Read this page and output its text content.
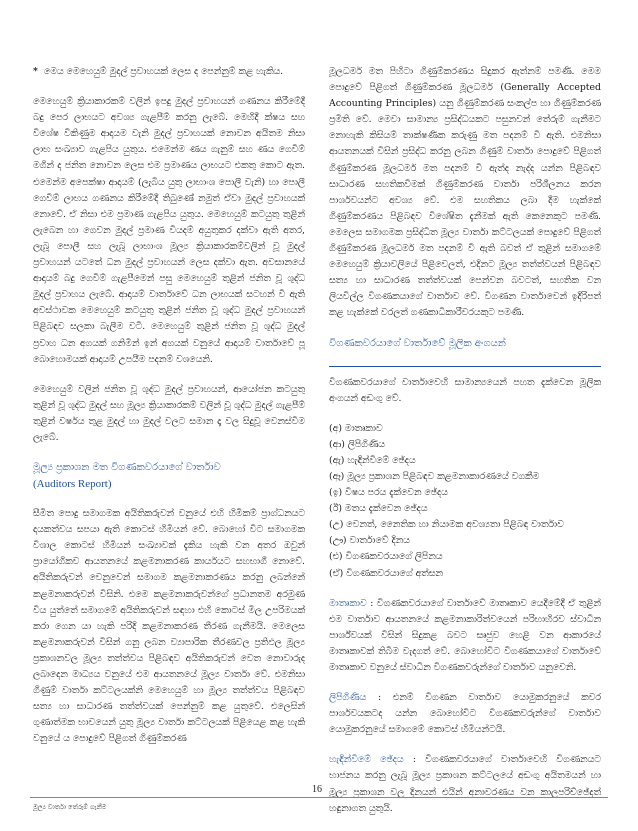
* මෙය මෙහෙයුම් මුදල් ප්‍රවාහයක් ලෙස ද පෙන්නුම් කළ හැකිය.

මෙහෙයුම් ක්‍රියාකාරකම් වලින් ඉපදු මුදල් ප්‍රවාහයන් ගණනය කිරීමේදී බදු පෙර ලාභයට අවශ්‍ය ගැළපීම් කරනු ලැබේ. මෙහිදී ක්ෂය සහ විශේෂ විකිණුම ආදායම වැනි මුදල් ප්‍රවාහයක් නොවන අයිතම නිසා ලාභ සංඛ්‍යාව ගැළපිය යුතුය. එමෙන්ම ණය ගැනුම් සහ ණය ගෙවීම් මගින් ද ජනිත නොවන ලෙස එම ප්‍රමාණය ලාභයට එකතු කොට ඇත. එමෙන්ම අපෙක්ෂා ආදායම් (ලැබිය යුතු ලාභාංශ පොලී වැනි) හා පොලී ගෙවීම් ලාභය ගණනය කිරීමේදී තිබුණේ නමුත් ඒවා මුදල් ප්‍රවාහයක් නොවේ. ඒ නිසා එම ප්‍රමාණ ගැළපිය යුතුය. මෙහෙයුම් කටයුතු තුළින් ලැබෙන හා ගෙවන මුදල් ප්‍රමාණ වියදම් අයුතුකර දක්වා ඇති අතර, ලැබූ පොලී සහ ලැබූ ලාභාංශ මූල්‍ය ක්‍රියාකාරකම්වලින් වූ මුදල් ප්‍රවාහයන් යටතේ ධන මුදල් ප්‍රවාහයන් ලෙස දක්වා ඇත. අවසානයේ ආදායම් බදු ගෙවීම් ගැළපීමෙන් පසු මෙහෙයුම් තුළින් ජනිත වූ ශුද්ධ මුදල් ප්‍රවාහය ලැබේ. ආදායම් වාර්තාවේ ධන ලාභයක් සටහන් වී ඇති අවස්ථාවක මෙහෙයුම් කටයුතු තුළින් ජනිත වූ ශුද්ධ මුදල් ප්‍රවාහයන් පිළිබඳව සලකා බැලීම වටී. මෙහෙයුම් තුළින් ජනිත වූ ශුද්ධ මුදල් ප්‍රවාහ ධන අගයක් ගනිමින් ඉන් අගයක් වනුයේ ආදායම් වාර්තාවේ පූ බොහොමයක් ආදායම් උපයීම පදනම් වශයෙනි.

මෙහෙයුම් වලින් ජනිත වූ ශුද්ධ මුදල් ප්‍රවාහයන්, ආයෝජන කටයුතු තුළින් වූ ශුද්ධ මුදල් සහ මූල්‍ය ක්‍රියාකාරකම් වලින් වූ ශුද්ධ මුදල් ගැළපීම් තුළින් වර්ෂය තුළ මුදල් හා මුදල් වලට සමාන දෑ වල සිදුවූ වෙනස්වීම ලැබේ.

මූල්‍ය ප්‍රකාශන මත විගණකවරයාගේ වාර්තාව
(Auditors Report)

සීමිත පොදු සමාගමක අයිතිකරුවන් වනුයේ එහි හිමිකම් ප්‍රාග්ධනයට දායකත්වය සපයා ඇති කොටස් හිමියන් වේ. බොහෝ විට සමාගමක විශාල කොටස් හිමියන් සංඛ්‍යාවක් දැකිය හැකි වන අතර ඔවුන් ප්‍රායෝගිකව ආයතනයේ කළමනාකරණ කාර්යයට සහභාගී නොවේ. අයිතිකරුවන් වෙනුවෙන් සමාගම කළමනාකරණය කරනු ලබන්නේ කළමනාකරුවන් විසිනි. එමෙ කළමනාකරුවන්ගේ ප්‍රධානතම අරමුණ විය යුත්තේ සමාගමේ අයිතිකරුවන් සඳහා එහි කොටස් මිල උපරිමයක් කරා ගෙන යා හැකි පරිදි කළමනාකරණ තීරණ ගැනීමයි. මෙලෙස කළමනාකරුවන් විසින් ගනු ලබන ව්‍යාපාරික තීරණවල ප්‍රතිඵල මූල්‍ය ප්‍රකාශනවල මූල්‍ය තත්ත්වය පිළිබඳව අයිතිකරුවන් වෙත නොවාරුද ලබාදෙන මාධ්‍යය වනුයේ එම ආයතනයේ මූල්‍ය වාර්තා වේ. එමනිසා ගිණුම් වාර්තා කට්ටලයක්නි මෙහෙයුම් හා මූල්‍ය තත්ත්වය පිළිබඳව සත්‍ය හා සාධාරණ තත්ත්වයක් පෙන්නුම් කළ යුතුවේ. එලෙසින් ගුණාත්මක භාවයෙන් යුතු මූල්‍ය වාර්තා කට්ටලයක් පිළියෙළ කළ හැකි වනුයේ ය පොදුවේ පිළිගත් ගිණුම්කරණ

මූලධර්ම මත පිහිටා ගිණුම්කරණය සිදුකර ඇත්නම් පමණි. මෙම පොදුවේ පිළිගත් ගිණුම්කරණ මූලධර්ම (Generally Accepted Accounting Principles) යනු ගිණුම්කරණ සංකල්ප හා ගිණුම්කරණ ප්‍රමිති වේ. මෙවා සාමාන්‍ය ප්‍රසිද්ධ‍යකට පසුනවන් තේරුම් ගැනීමට නොහැකි කිසියම් තාක්ෂණික කරුණු මත පදනම් වී ඇති. එමනිසා ආයතනයක් විසින් ප්‍රසිද්ධ කරනු ලබන ගිණුම් වාර්තා පොදුවේ පිළිගත් ගිණුම්කරණ මූලධර්ම මත පදනම් වී ඇත්ද නැද්ද යන්න පිළිබඳව සාධාරණ සහතිකවීමක් ගිණුම්කරණ වාර්තා පරිශීලනය කරන පාර්ශවයන්ට අවශ්‍ය වේ. එම සහතිකය ලබා දීම හැක්කේ ගිණුම්කරණය පිළිබඳව විශේෂිත දැනීමක් ඇති කෙනෙකුට පමණි. මෙලෙස සමාගමක ප්‍රසිද්ධිත මූල්‍ය වාර්තා කට්ටලයක් පොදුවේ පිළිගත් ගිණුම්කරණ මූලධර්ම මත පදනම් වී ඇති බවත් ඒ තුළින් සමාගමේ මෙහෙයුම් ක්‍රියාවලියේ පිළිවෙලත්, එදිනට මූල්‍ය තත්ත්වයන් පිළිබඳව සත්‍ය හා සාධාරණ තත්ත්වයක් පෙන්වන බවටත්, සහතික වන ලියවිල්ල විගණකයාගේ වාර්තාව වේ. විගණන වාර්තාවෙන් ඉදිරිපත් කළ හැක්කේ වරලත් ගණකාධිකාරීවරයකුට පමණි.

විගණකවරයාගේ වාර්තාවේ මූලික අංගයන්

විගණකවරයාගේ වාර්තාවෙහි සාමාන්‍යයෙන් පහත දැක්වෙන මූලික අංගයන් අඩංගු වේ.

(අ) මාතෘකාව
(ආ) ලිපිගිණිය
(ඇ) හැඳින්වීමේ ඡේදය
(ඈ) මූල්‍ය ප්‍රකාශන පිළිබඳව කළමනාකාරණයේ වගකීම
(ඉ) විෂය පරය දැක්වෙන ඡේදය
(ඊ) මතය දැක්වෙන ඡේදය
(උ) වෙනත්, නෛතික හා නියාමක අවශ්‍යතා පිළිබඳ වාර්තාව
(ඌ) වාර්තාවේ දිනය
(එ) විගණකවරයාගේ ලිපිනය
(ඒ) විගණකවරයාගේ අත්සන

මාතෘකාව : විගණකවරයාගේ වාර්තාවේ මාතෘකාව යෙදීමේදී ඒ තුළින් එම වාර්තාව ආයතනයේ කළමනාකාරිත්වයෙන් පරිභාහිරව ස්වාධීන පාර්ශ්වයක් විසින් සිදුකළ බවට සෘජුව හෙළි වන ආකාරයේ මාතෘකාවක් තිබීම වැදගත් වේ. බොහෝවිට විගණකයාගේ වාර්තාවේ මාතෘකාව වනුයේ ස්වාධීන විගණකවරුන්ගේ වාර්තාව යනුවෙනි.

ලිපිගිණිය : එනම් විගණන වාර්තාව යොමුකරනුයේ කවර පාර්ශවයකටද යන්න බොහෝවිට විගණකවරුන්ගේ වාර්තාව යොමුකරනුයේ සමාගමේ කොටස් හිමියන්ටයි.

හැඳින්වීමේ ඡේදය : විගණකවරයාගේ වාර්තාවෙහි විගණනයට භාජනය කරනු ලැබූ මූල්‍ය ප්‍රකාශන කට්ටලයේ අඩංගු අයිතමයන් හා මූල්‍ය ප්‍රකාශන වල දිනයන් එයින් අනාවරණය වන කාලපරිච්ඡේදත් හඳුනාගත යුතුයි.

16
මූල්‍ය වාර්තා තේරුම් ගැනීම
